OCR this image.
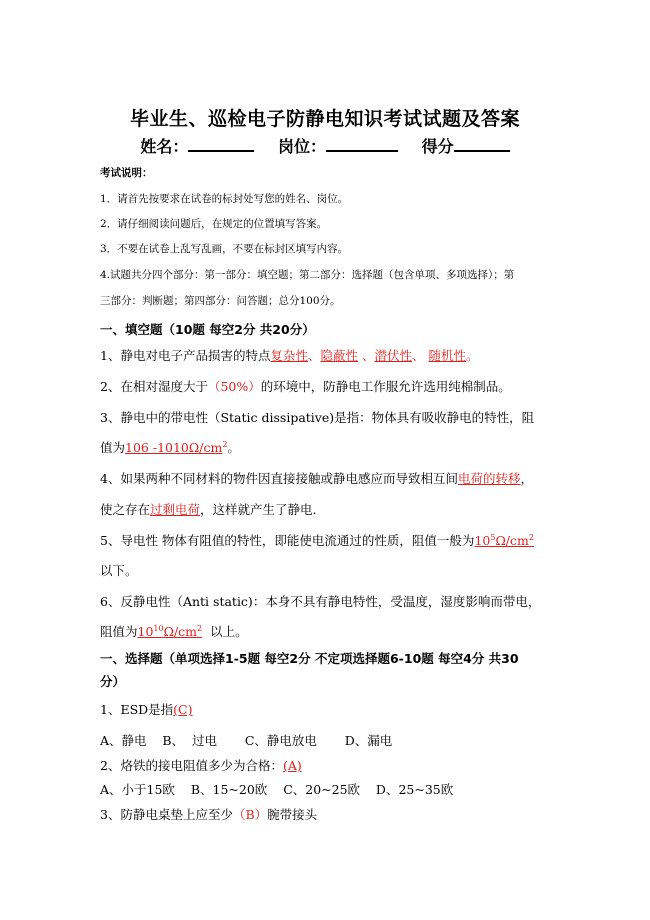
毕业生、巡检电子防静电知识考试试题及答案
姓名：	岗位：	得分
考试说明：
1．请首先按要求在试卷的标封处写您的姓名、岗位。
2．请仔细阅读问题后，在规定的位置填写答案。
3．不要在试卷上乱写乱画，不要在标封区填写内容。
4.试题共分四个部分：第一部分：填空题；第二部分：选择题（包含单项、多项选择）；第
三部分：判断题；第四部分：问答题；总分100分。
一、填空题（10题 每空2分 共20分）
1、静电对电子产品损害的特点复杂性、隐蔽性 、潜伏性、 随机性。
2、在相对湿度大于（50%）的环境中，防静电工作服允许选用纯棉制品。
3、静电中的带电性（Static dissipative)是指：物体具有吸收静电的特性，阻
值为106 $-1010\Omega/cm^2$。
4、如果两种不同材料的物件因直接接触或静电感应而导致相互间电荷的转移，
使之存在过剩电荷，这样就产生了静电.
5、导电性 物体有阻值的特性，即能使电流通过的性质，阻值一般为$10^5\Omega/cm^2$
以下。
6、反静电性（Anti static)：本身不具有静电特性，受温度，湿度影响而带电，
阻值为$10^{10}\Omega/cm^2$ 以上。
一、选择题（单项选择1-5题 每空2分 不定项选择题6-10题 每空4分 共30
分）
1、ESD是指(C)
A、静电    B、  过电       C、静电放电       D、漏电
2、烙铁的接电阻值多少为合格：(A)
A、小于15欧    B、15~20欧    C、20~25欧    D、25~35欧
3、防静电桌垫上应至少（B）腕带接头
